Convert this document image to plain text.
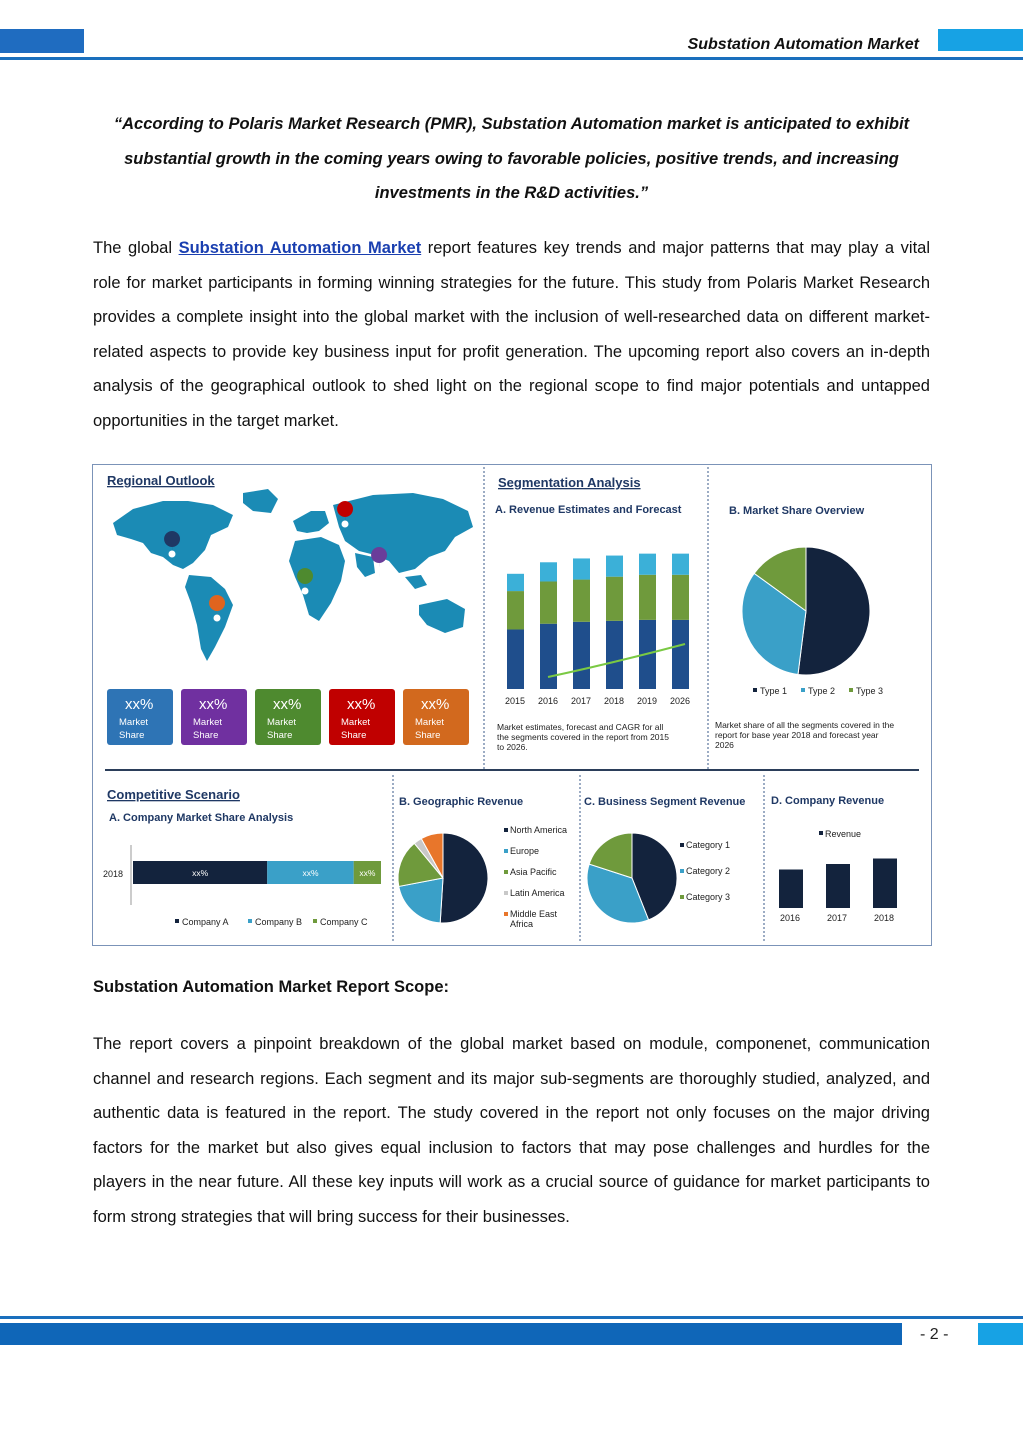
Substation Automation Market
“According to Polaris Market Research (PMR), Substation Automation market is anticipated to exhibit substantial growth in the coming years owing to favorable policies, positive trends, and increasing investments in the R&D activities.”
The global Substation Automation Market report features key trends and major patterns that may play a vital role for market participants in forming winning strategies for the future. This study from Polaris Market Research provides a complete insight into the global market with the inclusion of well-researched data on different market-related aspects to provide key business input for profit generation. The upcoming report also covers an in-depth analysis of the geographical outlook to shed light on the regional scope to find major potentials and untapped opportunities in the target market.
Regional Outlook
xx%
Market
Share
xx%
Market
Share
xx%
Market
Share
xx%
Market
Share
xx%
Market
Share
Segmentation Analysis
A. Revenue Estimates and Forecast
2015 2016 2017 2018 2019 2026
Market estimates, forecast and CAGR for all
the segments covered in the report from 2015
to 2026.
B. Market Share Overview
Type 1 Type 2 Type 3
Market share of all the segments covered in the
report for base year 2018 and forecast year
2026
Competitive Scenario
A. Company Market Share Analysis
2018	xx%	xx%	xx%
Company A	Company B Company C
B. Geographic Revenue
North America
Europe
Asia Pacific
Latin America
Middle East
Africa
C. Business Segment Revenue
Category 1
Category 2
Category 3
D. Company Revenue
Revenue
2016	2017	2018
Substation Automation Market Report Scope:
The report covers a pinpoint breakdown of the global market based on module, componenet, communication channel and research regions. Each segment and its major sub-segments are thoroughly studied, analyzed, and authentic data is featured in the report. The study covered in the report not only focuses on the major driving factors for the market but also gives equal inclusion to factors that may pose challenges and hurdles for the players in the near future. All these key inputs will work as a crucial source of guidance for market participants to form strong strategies that will bring success for their businesses.
- 2 -
